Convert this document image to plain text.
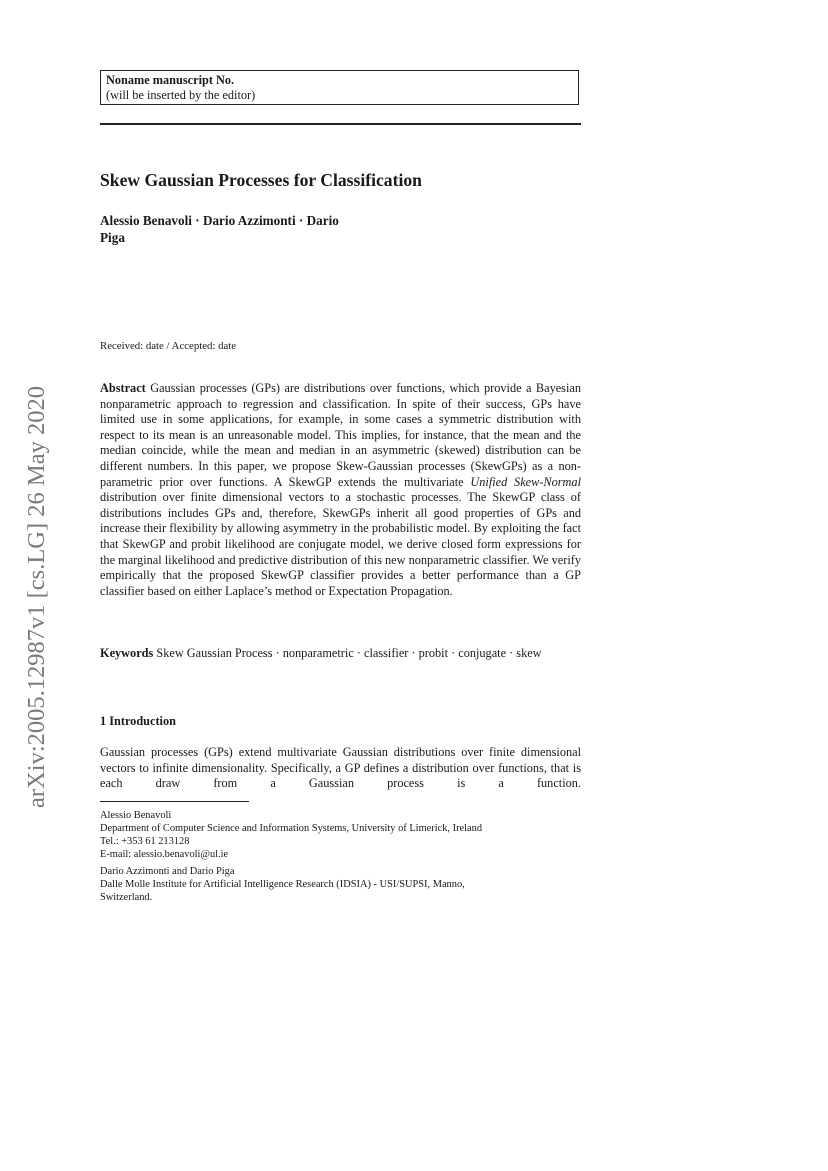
arXiv:2005.12987v1 [cs.LG] 26 May 2020
Noname manuscript No.
(will be inserted by the editor)
Skew Gaussian Processes for Classification
Alessio Benavoli · Dario Azzimonti · Dario
Piga
Received: date / Accepted: date

Abstract Gaussian processes (GPs) are distributions over functions, which provide a Bayesian nonparametric approach to regression and classification. In spite of their success, GPs have limited use in some applications, for example, in some cases a symmetric distribution with respect to its mean is an unreasonable model. This implies, for instance, that the mean and the median coincide, while the mean and median in an asymmetric (skewed) distribution can be different numbers. In this paper, we propose Skew-Gaussian processes (SkewGPs) as a non-parametric prior over functions. A SkewGP extends the multivariate Unified Skew-Normal distribution over finite dimensional vectors to a stochastic processes. The SkewGP class of distributions includes GPs and, therefore, SkewGPs inherit all good properties of GPs and increase their flexibility by allowing asymmetry in the probabilistic model. By exploiting the fact that SkewGP and probit likelihood are conjugate model, we derive closed form expressions for the marginal likelihood and predictive distribution of this new nonparametric classifier. We verify empirically that the proposed SkewGP classifier provides a better performance than a GP classifier based on either Laplace’s method or Expectation Propagation.

Keywords Skew Gaussian Process · nonparametric · classifier · probit · conjugate · skew

1 Introduction

Gaussian processes (GPs) extend multivariate Gaussian distributions over finite dimensional vectors to infinite dimensionality. Specifically, a GP defines a distribution over functions, that is each draw from a Gaussian process is a function.

Alessio Benavoli
Department of Computer Science and Information Systems, University of Limerick, Ireland
Tel.: +353 61 213128
E-mail: alessio.benavoli@ul.ie
Dario Azzimonti and Dario Piga
Dalle Molle Institute for Artificial Intelligence Research (IDSIA) - USI/SUPSI, Manno,
Switzerland.
